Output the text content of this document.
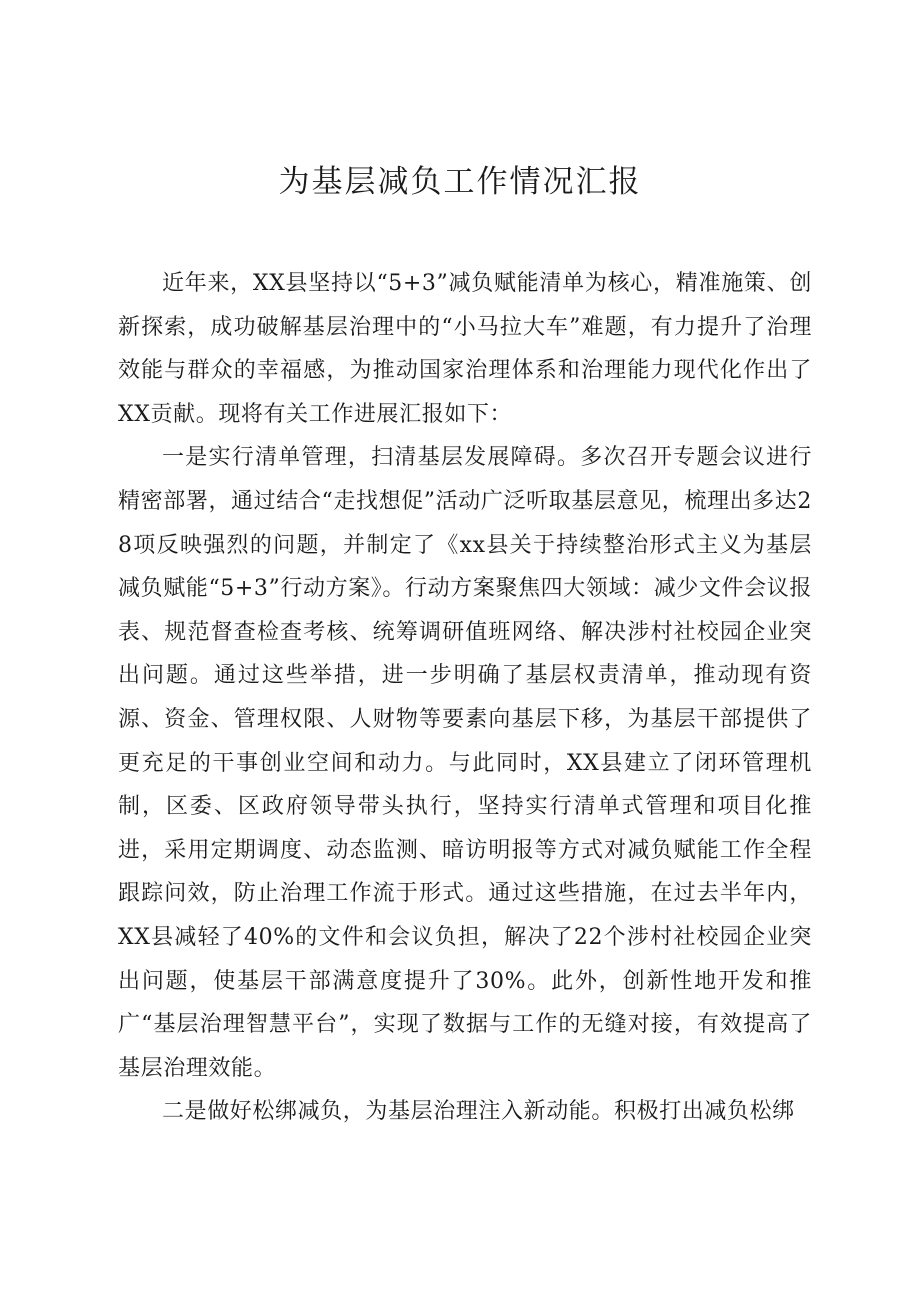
为基层减负工作情况汇报

近年来，XX县坚持以“5+3”减负赋能清单为核心，精准施策、创新探索，成功破解基层治理中的“小马拉大车”难题，有力提升了治理效能与群众的幸福感，为推动国家治理体系和治理能力现代化作出了XX贡献。现将有关工作进展汇报如下：

一是实行清单管理，扫清基层发展障碍。多次召开专题会议进行精密部署，通过结合“走找想促”活动广泛听取基层意见，梳理出多达28项反映强烈的问题，并制定了《xx县关于持续整治形式主义为基层减负赋能“5+3”行动方案》。行动方案聚焦四大领域：减少文件会议报表、规范督查检查考核、统筹调研值班网络、解决涉村社校园企业突出问题。通过这些举措，进一步明确了基层权责清单，推动现有资源、资金、管理权限、人财物等要素向基层下移，为基层干部提供了更充足的干事创业空间和动力。与此同时，XX县建立了闭环管理机制，区委、区政府领导带头执行，坚持实行清单式管理和项目化推进，采用定期调度、动态监测、暗访明报等方式对减负赋能工作全程跟踪问效，防止治理工作流于形式。通过这些措施，在过去半年内，XX县减轻了40%的文件和会议负担，解决了22个涉村社校园企业突出问题，使基层干部满意度提升了30%。此外，创新性地开发和推广“基层治理智慧平台”，实现了数据与工作的无缝对接，有效提高了基层治理效能。

二是做好松绑减负，为基层治理注入新动能。积极打出减负松绑
